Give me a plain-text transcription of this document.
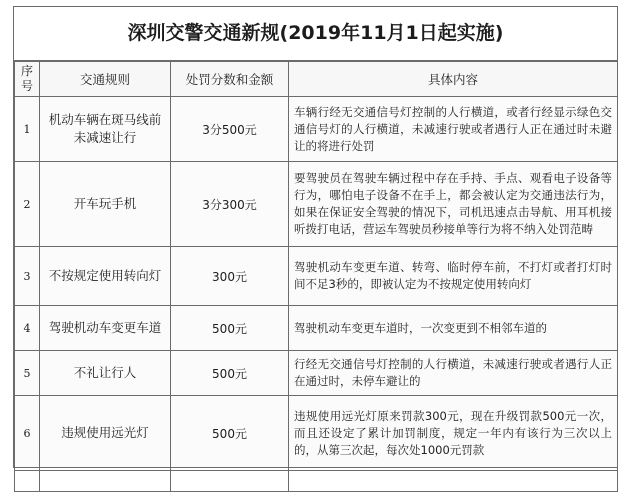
深圳交警交通新规(2019年11月1日起实施)
序号	交通规则	处罚分数和金额	具体内容
1	机动车辆在斑马线前未减速让行	3分500元	车辆行经无交通信号灯控制的人行横道，或者行经显示绿色交通信号灯的人行横道，未减速行驶或者遇行人正在通过时未避让的将进行处罚
2	开车玩手机	3分300元	要驾驶员在驾驶车辆过程中存在手持、手点、观看电子设备等行为，哪怕电子设备不在手上，都会被认定为交通违法行为，如果在保证安全驾驶的情况下，司机迅速点击导航、用耳机接听拨打电话，营运车驾驶员秒接单等行为将不纳入处罚范畴
3	不按规定使用转向灯	300元	驾驶机动车变更车道、转弯、临时停车前，不打灯或者打灯时间不足3秒的，即被认定为不按规定使用转向灯
4	驾驶机动车变更车道	500元	驾驶机动车变更车道时，一次变更到不相邻车道的
5	不礼让行人	500元	行经无交通信号灯控制的人行横道，未减速行驶或者遇行人正在通过时，未停车避让的
6	违规使用远光灯	500元	违规使用远光灯原来罚款300元，现在升级罚款500元一次，而且还设定了累计加罚制度，规定一年内有该行为三次以上的，从第三次起，每次处1000元罚款
